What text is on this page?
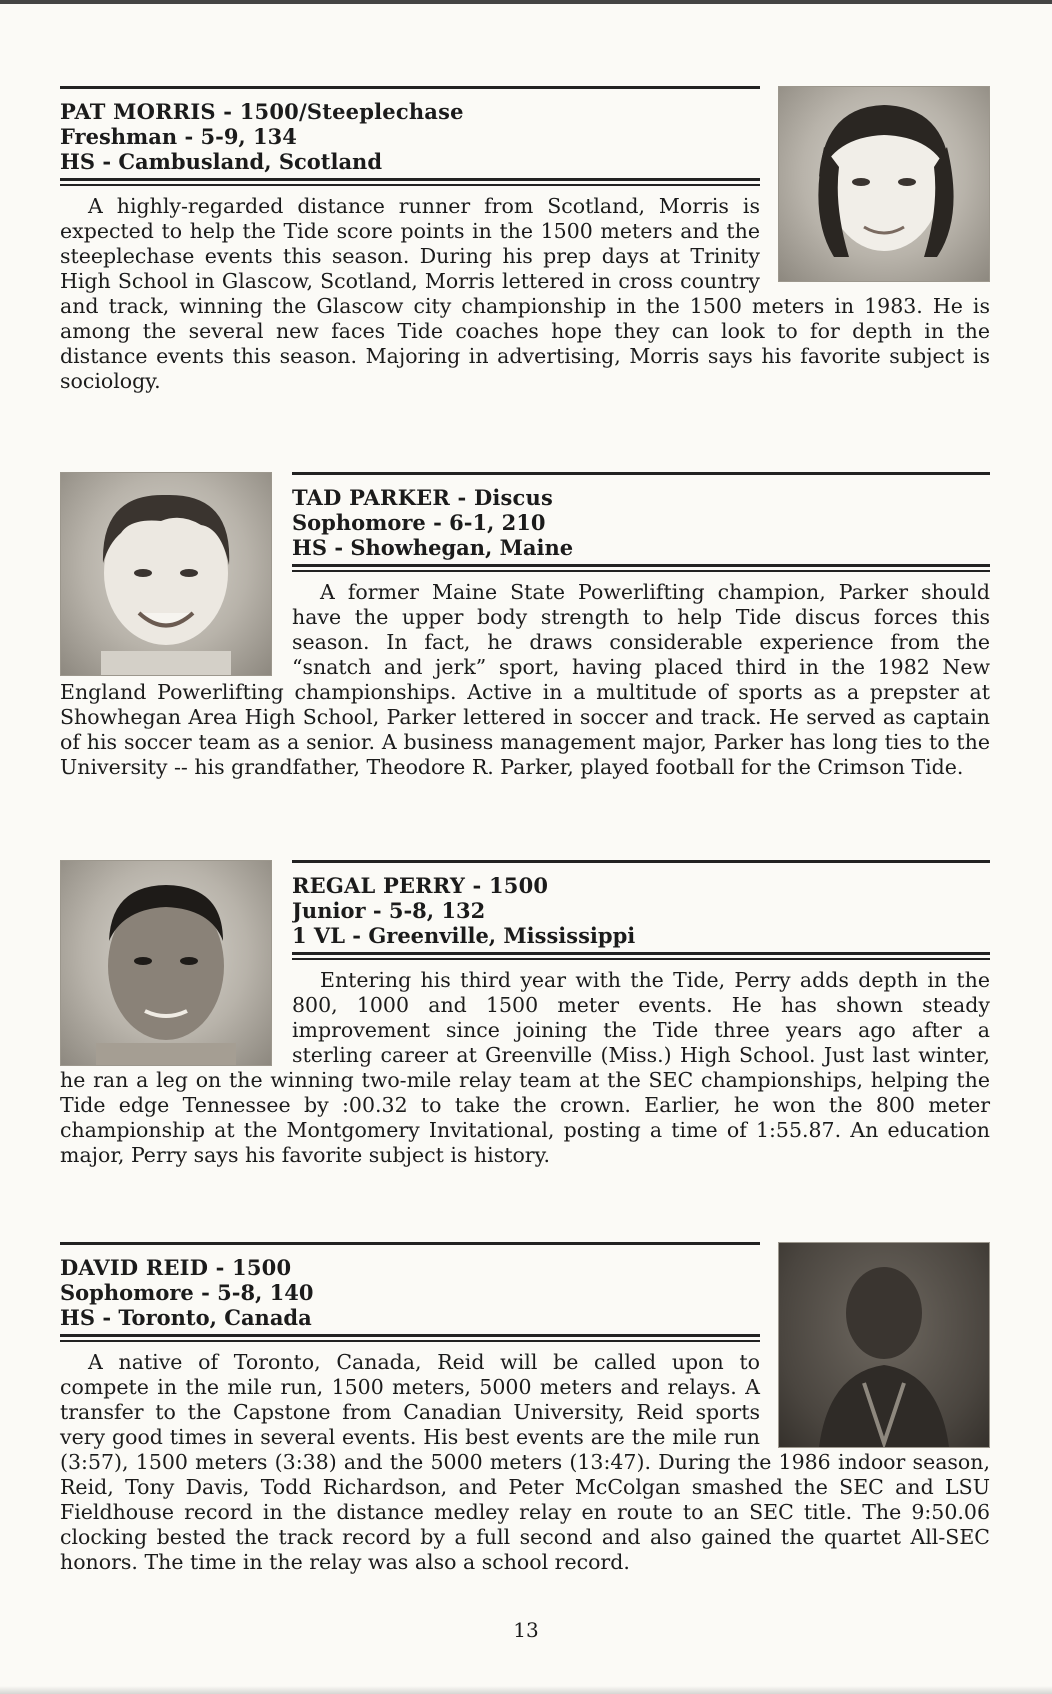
PAT MORRIS - 1500/Steeplechase
Freshman - 5-9, 134
HS - Cambusland, Scotland

A highly-regarded distance runner from Scotland, Morris is expected to help the Tide score points in the 1500 meters and the steeplechase events this season. During his prep days at Trinity High School in Glascow, Scotland, Morris lettered in cross country and track, winning the Glascow city championship in the 1500 meters in 1983. He is among the several new faces Tide coaches hope they can look to for depth in the distance events this season. Majoring in advertising, Morris says his favorite subject is sociology.

TAD PARKER - Discus
Sophomore - 6-1, 210
HS - Showhegan, Maine

A former Maine State Powerlifting champion, Parker should have the upper body strength to help Tide discus forces this season. In fact, he draws considerable experience from the “snatch and jerk” sport, having placed third in the 1982 New England Powerlifting championships. Active in a multitude of sports as a prepster at Showhegan Area High School, Parker lettered in soccer and track. He served as captain of his soccer team as a senior. A business management major, Parker has long ties to the University -- his grandfather, Theodore R. Parker, played football for the Crimson Tide.

REGAL PERRY - 1500
Junior - 5-8, 132
1 VL - Greenville, Mississippi

Entering his third year with the Tide, Perry adds depth in the 800, 1000 and 1500 meter events. He has shown steady improvement since joining the Tide three years ago after a sterling career at Greenville (Miss.) High School. Just last winter, he ran a leg on the winning two-mile relay team at the SEC championships, helping the Tide edge Tennessee by :00.32 to take the crown. Earlier, he won the 800 meter championship at the Montgomery Invitational, posting a time of 1:55.87. An education major, Perry says his favorite subject is history.

DAVID REID - 1500
Sophomore - 5-8, 140
HS - Toronto, Canada

A native of Toronto, Canada, Reid will be called upon to compete in the mile run, 1500 meters, 5000 meters and relays. A transfer to the Capstone from Canadian University, Reid sports very good times in several events. His best events are the mile run (3:57), 1500 meters (3:38) and the 5000 meters (13:47). During the 1986 indoor season, Reid, Tony Davis, Todd Richardson, and Peter McColgan smashed the SEC and LSU Fieldhouse record in the distance medley relay en route to an SEC title. The 9:50.06 clocking bested the track record by a full second and also gained the quartet All-SEC honors. The time in the relay was also a school record.

13
